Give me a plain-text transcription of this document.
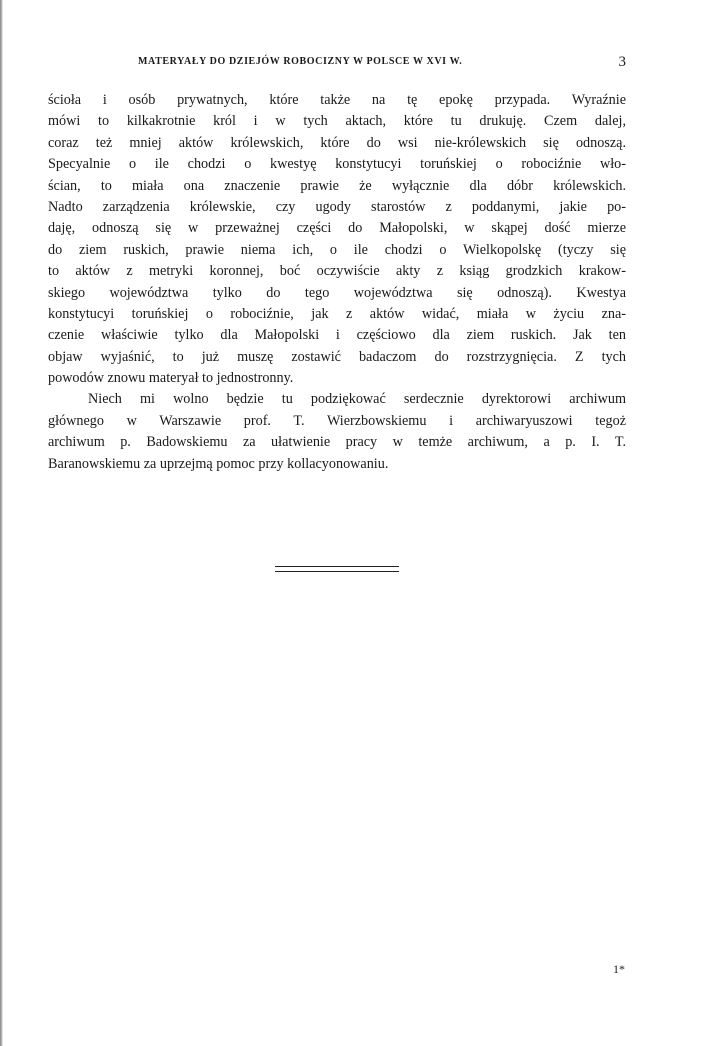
MATERYAŁY DO DZIEJÓW ROBOCIZNY W POLSCE W XVI W.	3
ścioła i osób prywatnych, które także na tę epokę przypada. Wyraźnie
mówi to kilkakrotnie król i w tych aktach, które tu drukuję. Czem dalej,
coraz też mniej aktów królewskich, które do wsi nie-królewskich się odnoszą.
Specyalnie o ile chodzi o kwestyę konstytucyi toruńskiej o robociźnie wło-
ścian, to miała ona znaczenie prawie że wyłącznie dla dóbr królewskich.
Nadto zarządzenia królewskie, czy ugody starostów z poddanymi, jakie po-
daję, odnoszą się w przeważnej części do Małopolski, w skąpej dość mierze
do ziem ruskich, prawie niema ich, o ile chodzi o Wielkopolskę (tyczy się
to aktów z metryki koronnej, boć oczywiście akty z ksiąg grodzkich krakow-
skiego województwa tylko do tego województwa się odnoszą). Kwestya
konstytucyi toruńskiej o robociźnie, jak z aktów widać, miała w życiu zna-
czenie właściwie tylko dla Małopolski i częściowo dla ziem ruskich. Jak ten
objaw wyjaśnić, to już muszę zostawić badaczom do rozstrzygnięcia. Z tych
powodów znowu materyał to jednostronny.
Niech mi wolno będzie tu podziękować serdecznie dyrektorowi archiwum
głównego w Warszawie prof. T. Wierzbowskiemu i archiwaryuszowi tegoż
archiwum p. Badowskiemu za ułatwienie pracy w temże archiwum, a p. I. T.
Baranowskiemu za uprzejmą pomoc przy kollacyonowaniu.
1*
